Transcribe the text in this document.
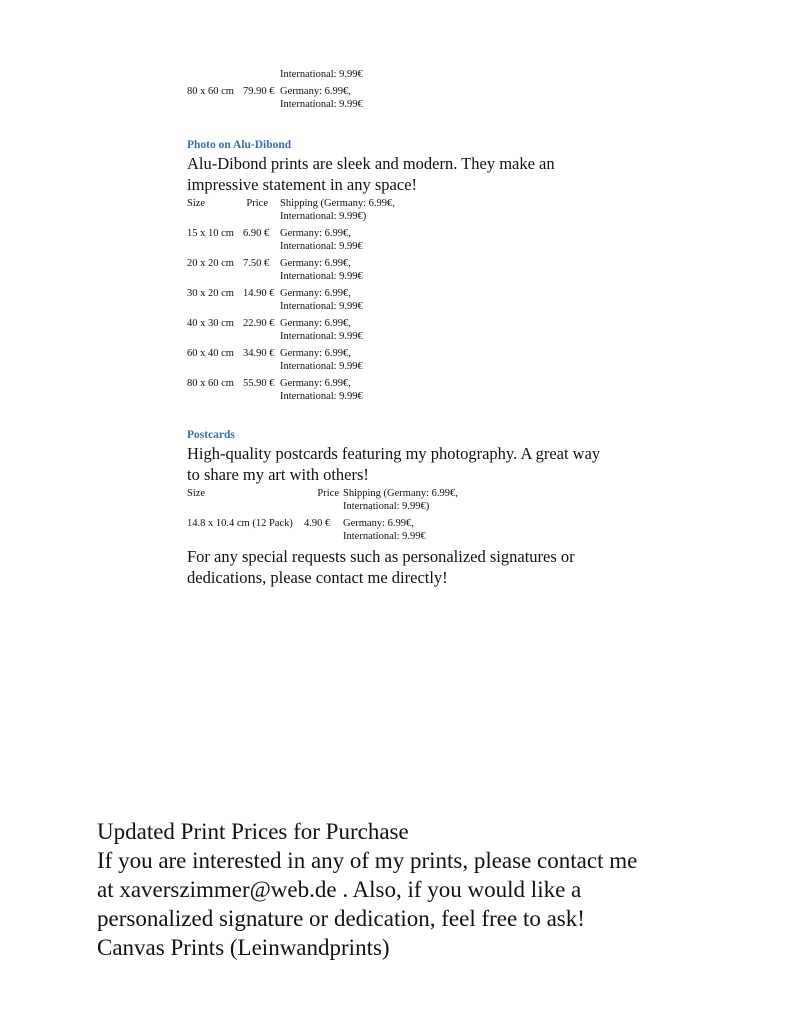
International: 9.99€
80 x 60 cm	79.90 €	Germany: 6.99€,
International: 9.99€
Photo on Alu-Dibond
Alu-Dibond prints are sleek and modern. They make an impressive statement in any space!
Size	Price	Shipping (Germany: 6.99€,
International: 9.99€)

15 x 10 cm	6.90 €	Germany: 6.99€,
International: 9.99€

20 x 20 cm	7.50 €	Germany: 6.99€,
International: 9.99€

30 x 20 cm	14.90 €	Germany: 6.99€,
International: 9.99€

40 x 30 cm	22.90 €	Germany: 6.99€,
International: 9.99€

60 x 40 cm	34.90 €	Germany: 6.99€,
International: 9.99€

80 x 60 cm	55.90 €	Germany: 6.99€,
International: 9.99€
Postcards
High-quality postcards featuring my photography. A great way to share my art with others!
Size	Price	Shipping (Germany: 6.99€,
International: 9.99€)

14.8 x 10.4 cm (12 Pack)	4.90 €	Germany: 6.99€,
International: 9.99€
For any special requests such as personalized signatures or dedications, please contact me directly!
Updated Print Prices for Purchase
If you are interested in any of my prints, please contact me
at xaverszimmer@web.de . Also, if you would like a
personalized signature or dedication, feel free to ask!
Canvas Prints (Leinwandprints)
